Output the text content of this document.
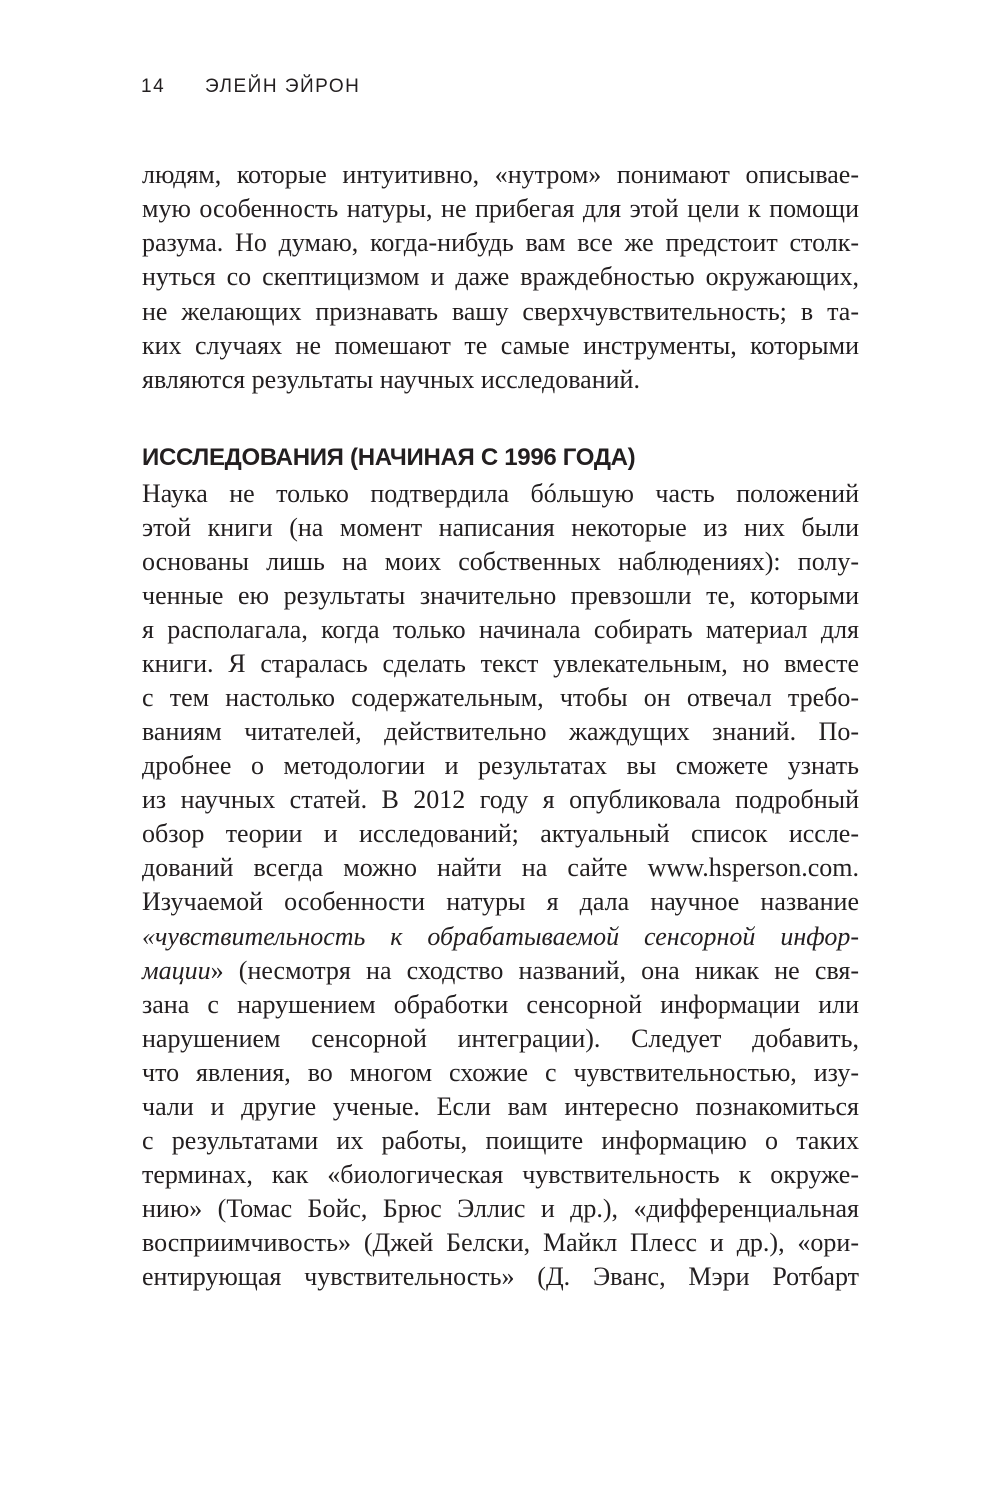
14 ЭЛЕЙН ЭЙРОН
людям, которые интуитивно, «нутром» понимают описывае-
мую особенность натуры, не прибегая для этой цели к помощи
разума. Но думаю, когда-нибудь вам все же предстоит столк-
нуться со скептицизмом и даже враждебностью окружающих,
не желающих признавать вашу сверхчувствительность; в та-
ких случаях не помешают те самые инструменты, которыми
являются результаты научных исследований.
ИССЛЕДОВАНИЯ (НАЧИНАЯ С 1996 ГОДА)
Наука не только подтвердила бóльшую часть положений
этой книги (на момент написания некоторые из них были
основаны лишь на моих собственных наблюдениях): полу-
ченные ею результаты значительно превзошли те, которыми
я располагала, когда только начинала собирать материал для
книги. Я старалась сделать текст увлекательным, но вместе
с тем настолько содержательным, чтобы он отвечал требо-
ваниям читателей, действительно жаждущих знаний. По-
дробнее о методологии и результатах вы сможете узнать
из научных статей. В 2012 году я опубликовала подробный
обзор теории и исследований; актуальный список иссле-
дований всегда можно найти на сайте www.hsperson.com.
Изучаемой особенности натуры я дала научное название
«чувствительность к обрабатываемой сенсорной инфор-
мации» (несмотря на сходство названий, она никак не свя-
зана с нарушением обработки сенсорной информации или
нарушением сенсорной интеграции). Следует добавить,
что явления, во многом схожие с чувствительностью, изу-
чали и другие ученые. Если вам интересно познакомиться
с результатами их работы, поищите информацию о таких
терминах, как «биологическая чувствительность к окруже-
нию» (Томас Бойс, Брюс Эллис и др.), «дифференциальная
восприимчивость» (Джей Белски, Майкл Плесс и др.), «ори-
ентирующая чувствительность» (Д. Эванс, Мэри Ротбарт
